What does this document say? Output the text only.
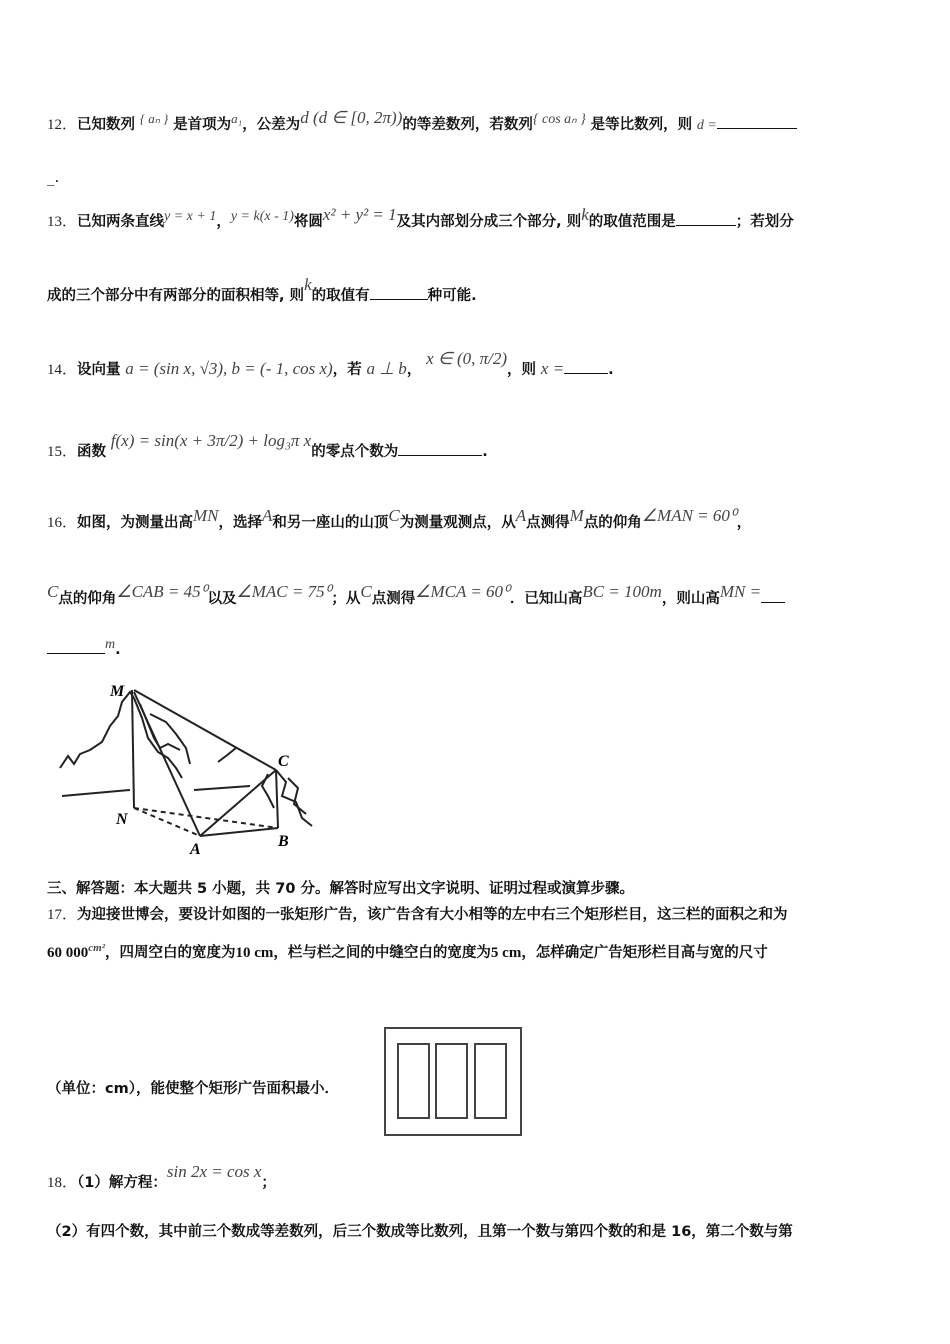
12．已知数列 { aₙ } 是首项为a₁，公差为d (d ∈ [0, 2π))的等差数列，若数列{ cos aₙ } 是等比数列，则 d =
_.
13．已知两条直线y = x + 1，y = k(x - 1)将圆x² + y² = 1及其内部划分成三个部分, 则k的取值范围是	；若划分
成的三个部分中有两部分的面积相等, 则k的取值有	种可能.
14．设向量 a = (sin x, √3), b = (- 1, cos x)，若 a ⊥ b， x ∈ (0, π/2)，则 x =	.
15．函数 f(x) = sin(x + 3π/2) + log₃π x的零点个数为	.
16．如图，为测量出高MN，选择A和另一座山的山顶C为测量观测点，从A点测得M点的仰角∠MAN = 60⁰，
C点的仰角∠CAB = 45⁰以及∠MAC = 75⁰；从C点测得∠MCA = 60⁰．已知山高BC = 100m，则山高MN =
m.
M
C
N
A	B
三、解答题：本大题共 5 小题，共 70 分。解答时应写出文字说明、证明过程或演算步骤。
17．为迎接世博会，要设计如图的一张矩形广告，该广告含有大小相等的左中右三个矩形栏目，这三栏的面积之和为
60 $000^{cm^2}$，四周空白的宽度为10 cm，栏与栏之间的中缝空白的宽度为5 cm，怎样确定广告矩形栏目高与宽的尺寸
（单位：cm），能使整个矩形广告面积最小．
18．（1）解方程：sin 2x = cos x；
（2）有四个数，其中前三个数成等差数列，后三个数成等比数列，且第一个数与第四个数的和是 16，第二个数与第
